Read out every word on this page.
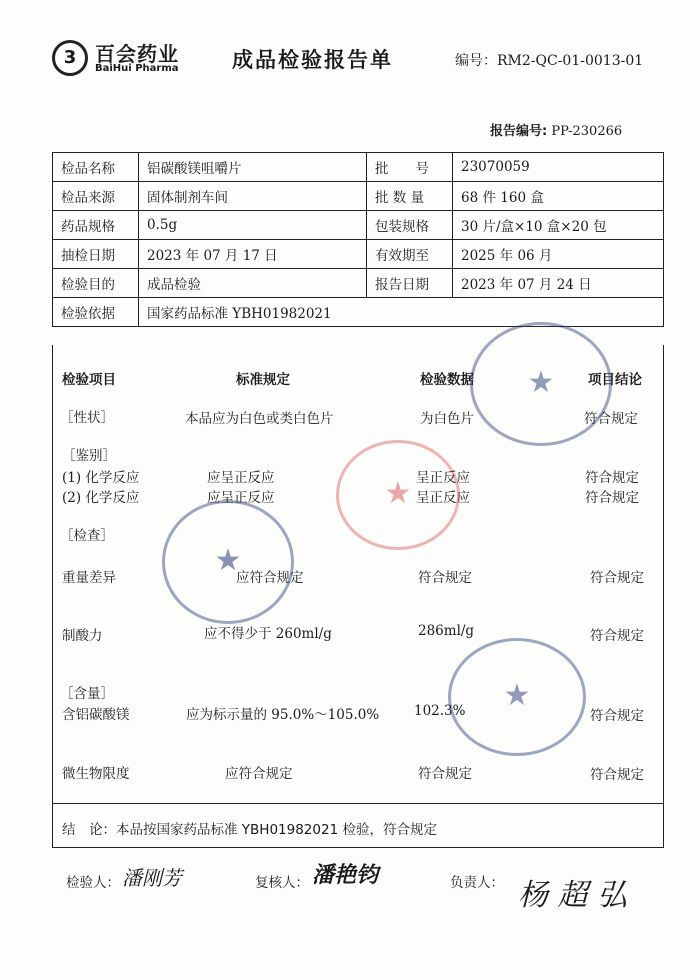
3 百会药业
BaiHui Pharma	成品检验报告单	编号：RM2-QC-01-0013-01
报告编号: PP-230266
检品名称	铝碳酸镁咀嚼片	批　　号	23070059
检品来源	固体制剂车间	批 数 量	68 件 160 盒
药品规格	0.5g	包装规格	30 片/盒×10 盒×20 包
抽检日期	2023 年 07 月 17 日	有效期至	2025 年 06 月
检验目的	成品检验	报告日期	2023 年 07 月 24 日
检验依据	国家药品标准 YBH01982021		
检验项目	标准规定	检验数据	项目结论
［性状］	本品应为白色或类白色片	为白色片	符合规定
［鉴别］
(1) 化学反应	应呈正反应	呈正反应	符合规定
(2) 化学反应	应呈正反应	呈正反应	符合规定
［检查］
重量差异	应符合规定	符合规定	符合规定
制酸力	应不得少于 260ml/g	286ml/g	符合规定
［含量］
含铝碳酸镁	应为标示量的 95.0%～105.0%	102.3%	符合规定
微生物限度	应符合规定	符合规定	符合规定
结　论：本品按国家药品标准 YBH01982021 检验，符合规定
检验人： 潘刚芳	复核人： 潘艳钧	负责人： 杨 超 弘
★
★
★
★
